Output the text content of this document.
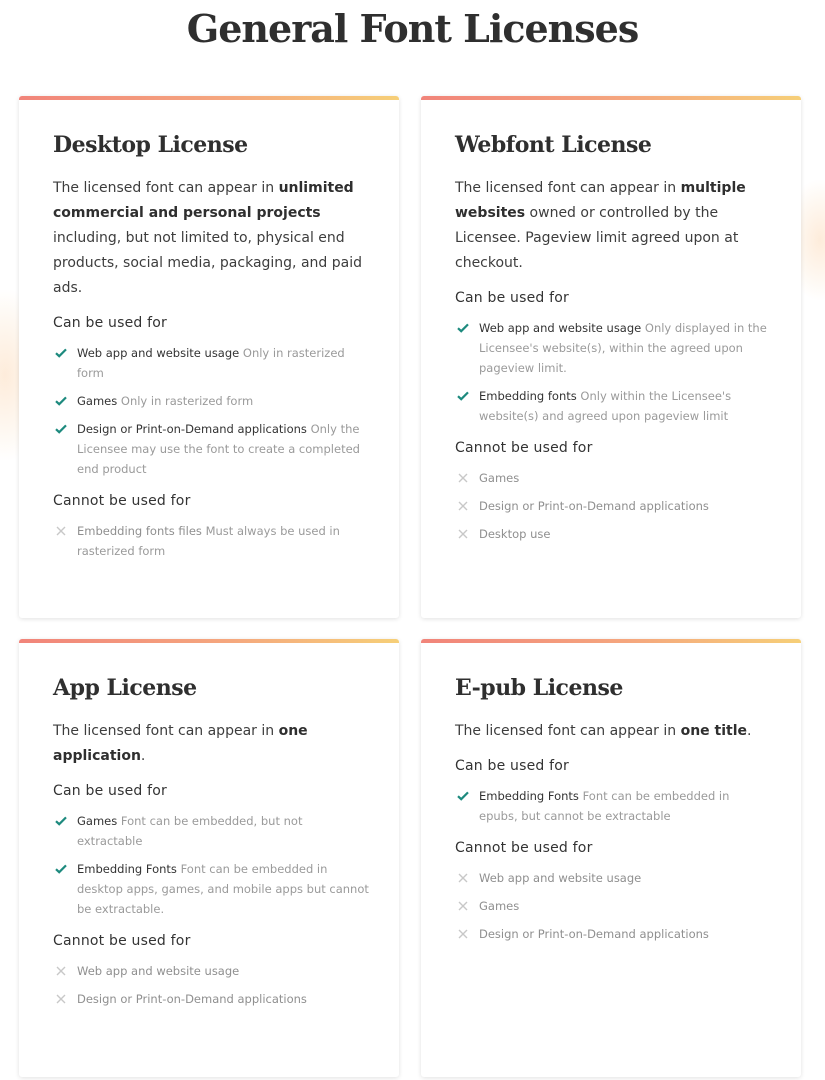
General Font Licenses
Desktop License

The licensed font can appear in unlimited commercial and personal projects including, but not limited to, physical end products, social media, packaging, and paid ads.

Can be used for
Web app and website usage Only in rasterized form
Games Only in rasterized form
Design or Print-on-Demand applications Only the Licensee may use the font to create a completed end product
Cannot be used for
Embedding fonts files Must always be used in rasterized form
Webfont License

The licensed font can appear in multiple websites owned or controlled by the Licensee. Pageview limit agreed upon at checkout.

Can be used for
Web app and website usage Only displayed in the Licensee's website(s), within the agreed upon pageview limit.
Embedding fonts Only within the Licensee's website(s) and agreed upon pageview limit
Cannot be used for
Games
Design or Print-on-Demand applications
Desktop use
App License

The licensed font can appear in one application.

Can be used for
Games Font can be embedded, but not extractable
Embedding Fonts Font can be embedded in desktop apps, games, and mobile apps but cannot be extractable.
Cannot be used for
Web app and website usage
Design or Print-on-Demand applications
E-pub License

The licensed font can appear in one title.

Can be used for
Embedding Fonts Font can be embedded in epubs, but cannot be extractable
Cannot be used for
Web app and website usage
Games
Design or Print-on-Demand applications
